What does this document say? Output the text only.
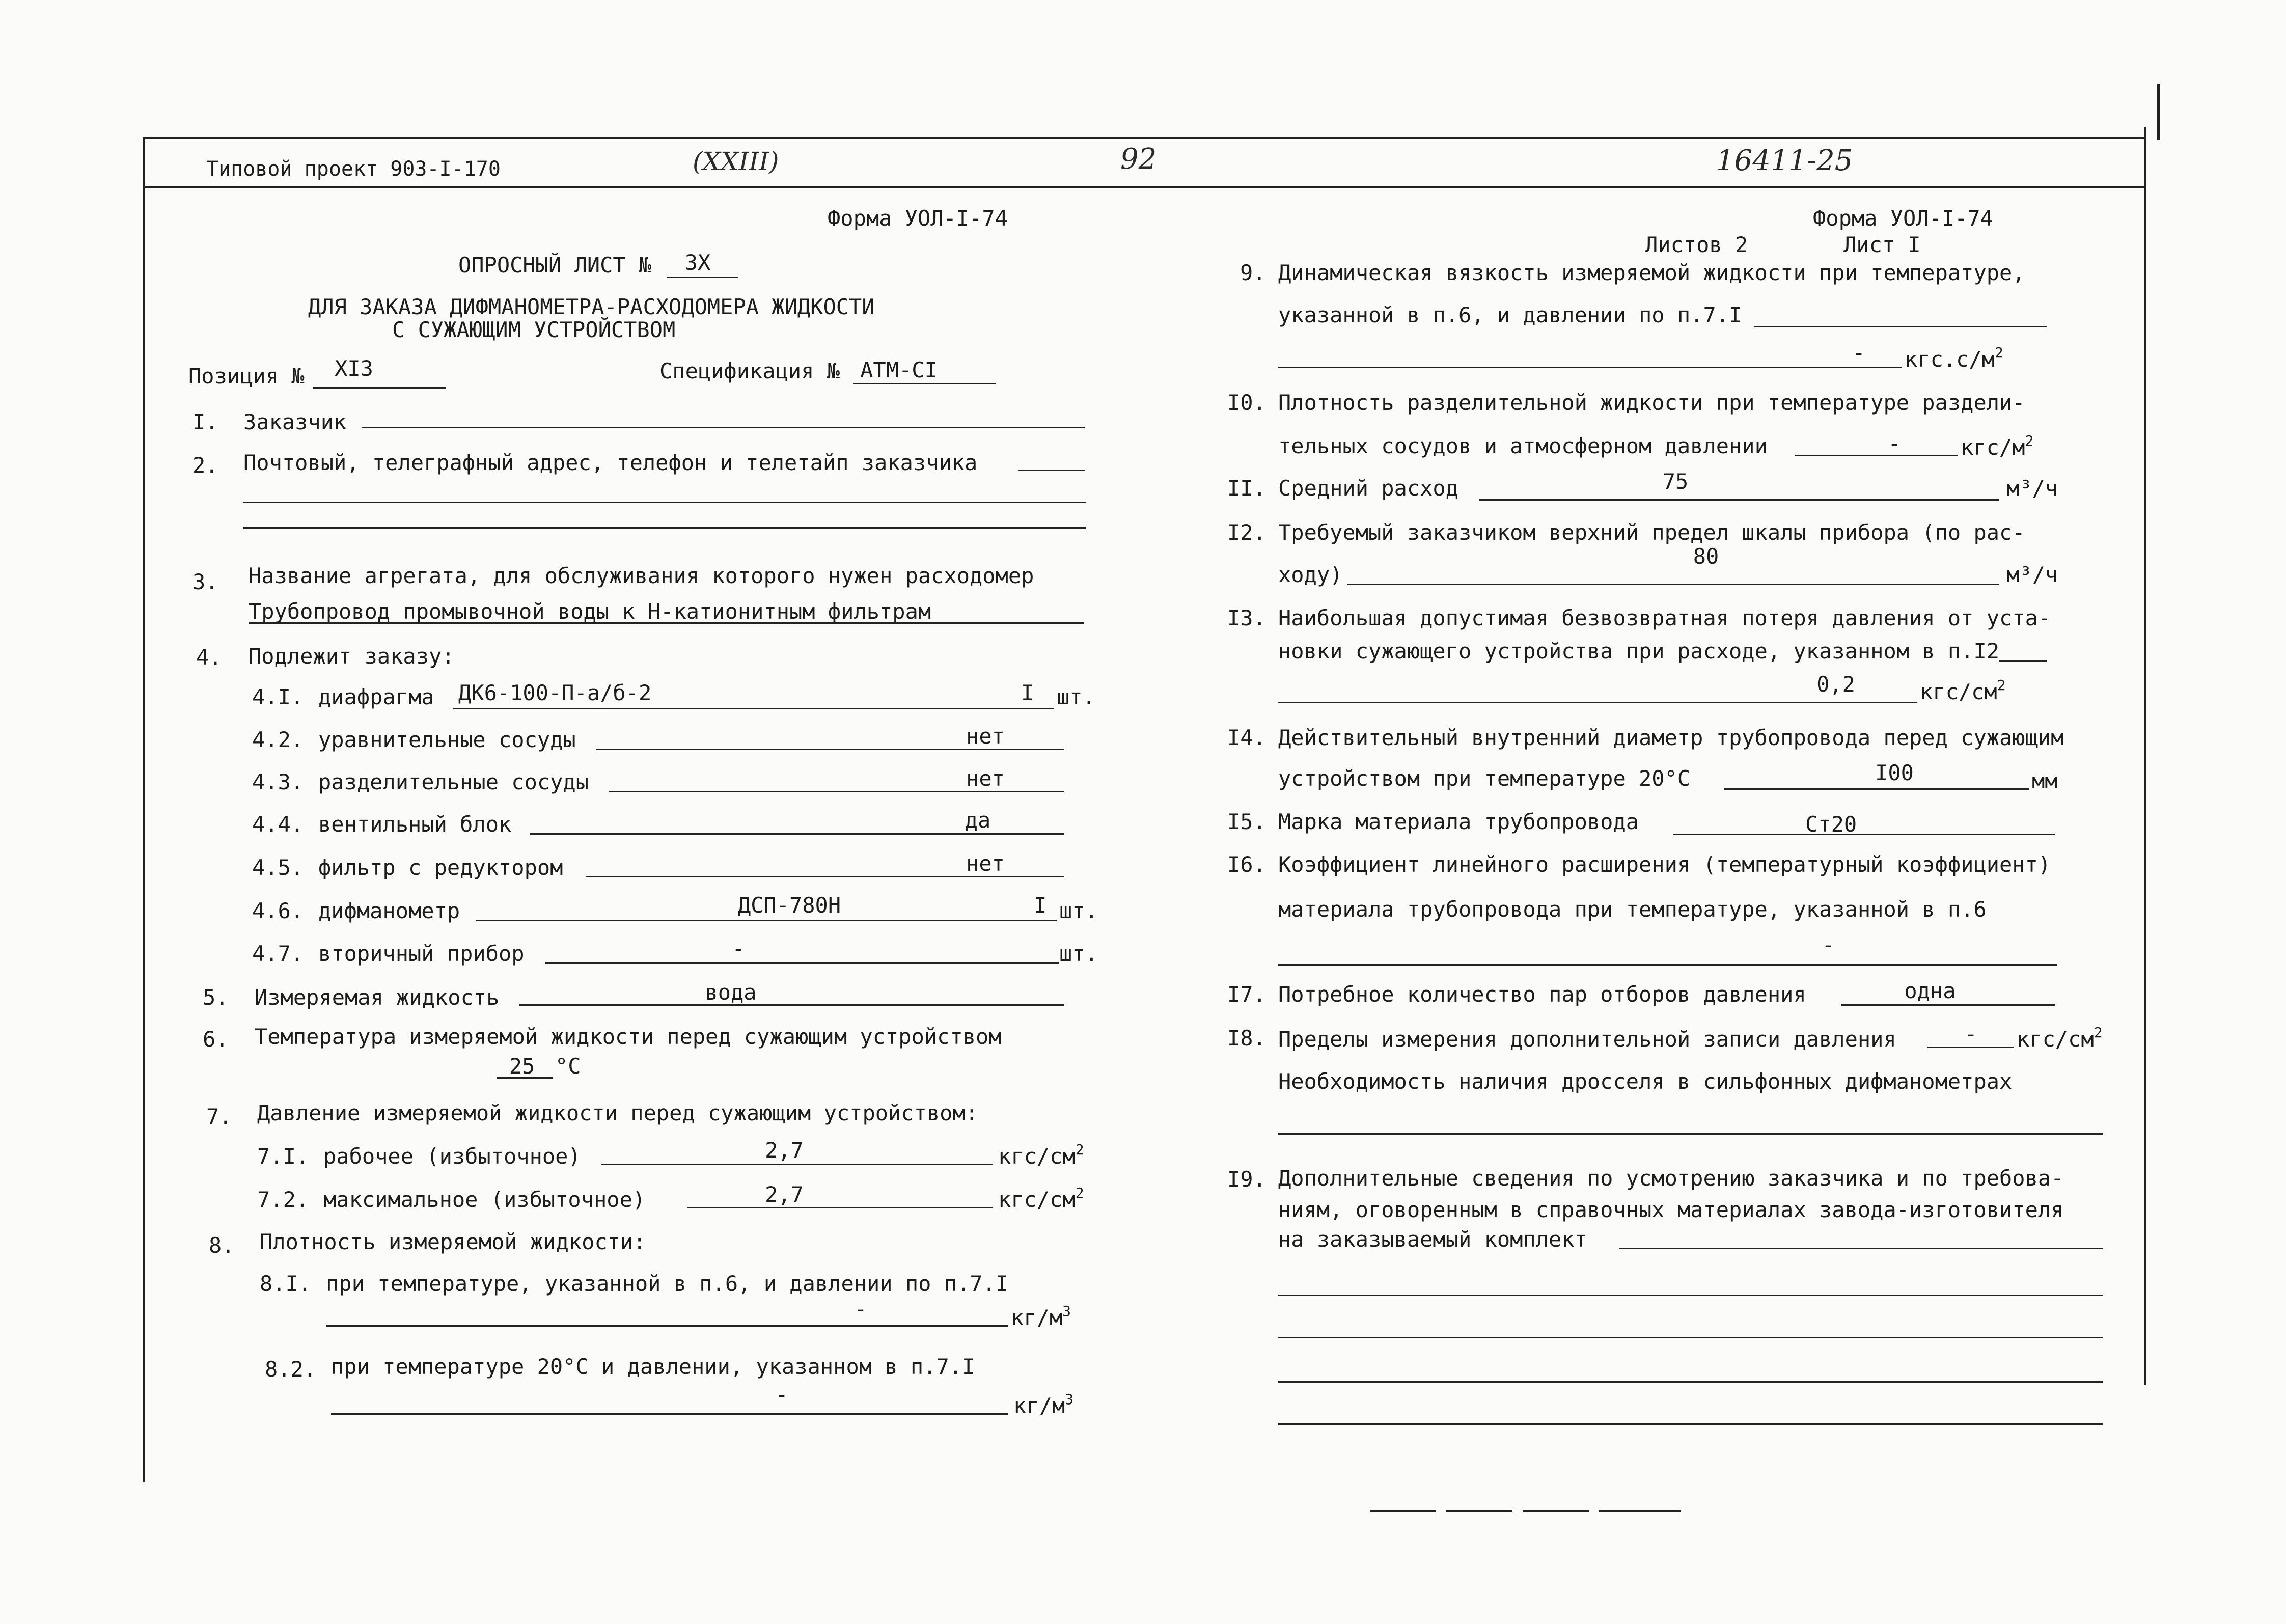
Типовой проект 903-I-170	(XXIII)	92	16411-25
Форма УОЛ-I-74
ОПРОСНЫЙ ЛИСТ №	3Х
ДЛЯ ЗАКАЗА ДИФМАНОМЕТРА-РАСХОДОМЕРА ЖИДКОСТИ
С СУЖАЮЩИМ УСТРОЙСТВОМ
Позиция №	XI3	Спецификация № АТМ-СI
I. Заказчик
2. Почтовый, телеграфный адрес, телефон и телетайп заказчика
3. Название агрегата, для обслуживания которого нужен расходомер
Трубопровод промывочной воды к Н-катионитным фильтрам
4. Подлежит заказу:
4.I. диафрагма ДК6-100-П-а/б-2	I шт.
4.2. уравнительные сосуды	нет
4.3. разделительные сосуды	нет
4.4. вентильный блок	да
4.5. фильтр с редуктором	нет
4.6. дифманометр	ДСП-780Н	I шт.
4.7. вторичный прибор	-	шт.
5. Измеряемая жидкость	вода
6. Температура измеряемой жидкости перед сужающим устройством
25 °С
7. Давление измеряемой жидкости перед сужающим устройством:
7.I. рабочее (избыточное)	2,7	кгс/$см^2$
7.2. максимальное (избыточное)	2,7	кгс/$см^2$
8. Плотность измеряемой жидкости:
8.I. при температуре, указанной в п.6, и давлении по п.7.I
-	$кг/м^3$
8.2. при температуре 20°С и давлении, указанном в п.7.I
-	$кг/м^3$
Форма УОЛ-I-74
Листов 2	Лист I
9. Динамическая вязкость измеряемой жидкости при температуре,
указанной в п.6, и давлении по п.7.I
-	$кгс.с/м^2$
I0. Плотность разделительной жидкости при температуре раздели-
тельных сосудов и атмосферном давлении	-	кгс/$м^2$
II. Средний расход	75	м³/ч
I2. Требуемый заказчиком верхний предел шкалы прибора (по рас-
ходу)
80
м³/ч
I3. Наибольшая допустимая безвозвратная потеря давления от уста-
новки сужающего устройства при расходе, указанном в п.I2
0,2	кгс/$см^2$
I4. Действительный внутренний диаметр трубопровода перед сужающим
устройством при температуре 20°С	I00	мм
I5. Марка материала трубопровода	Ст20
I6. Коэффициент линейного расширения (температурный коэффициент)
материала трубопровода при температуре, указанной в п.6
-
I7. Потребное количество пар отборов давления	одна
I8. Пределы измерения дополнительной записи давления	- кгс/$см^2$
Необходимость наличия дросселя в сильфонных дифманометрах
I9. Дополнительные сведения по усмотрению заказчика и по требова-
ниям, оговоренным в справочных материалах завода-изготовителя
на заказываемый комплект
